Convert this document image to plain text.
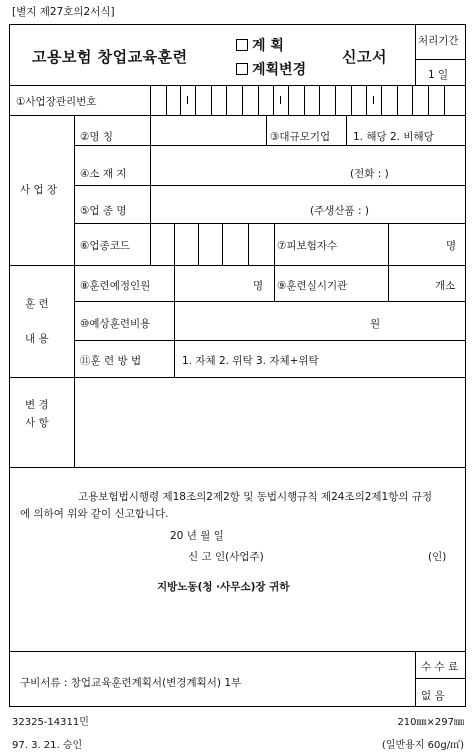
[별지 제27호의2서식]
고용보험 창업교육훈련
계 획
계획변경
신고서
처리기간
1 일
①사업장관리번호
사 업 장
②명 칭	③대규모기업 1. 해당 2. 비해당
④소 재 지	(전화 : )
⑤업 종 명	(주생산품 : )
⑥업종코드	⑦피보험자수	명
훈 련
내 용
⑧훈련예정인원	명 ⑨훈련실시기관	개소
⑩예상훈련비용	원
⑪훈 련 방 법	1. 자체 2. 위탁 3. 자체+위탁
변 경
사 항
고용보험법시행령 제18조의2제2항 및 동법시행규칙 제24조의2제1항의 규정
에 의하여 위와 같이 신고합니다.
20 년 월 일
신 고 인(사업주)	(인)
지방노동(청 ·사무소)장 귀하
구비서류 : 창업교육훈련계획서(변경계획서) 1부
수 수 료
없 음
32325-14311민
97. 3. 21. 승인
210㎜×297㎜
(일반용지 60g/㎡)
